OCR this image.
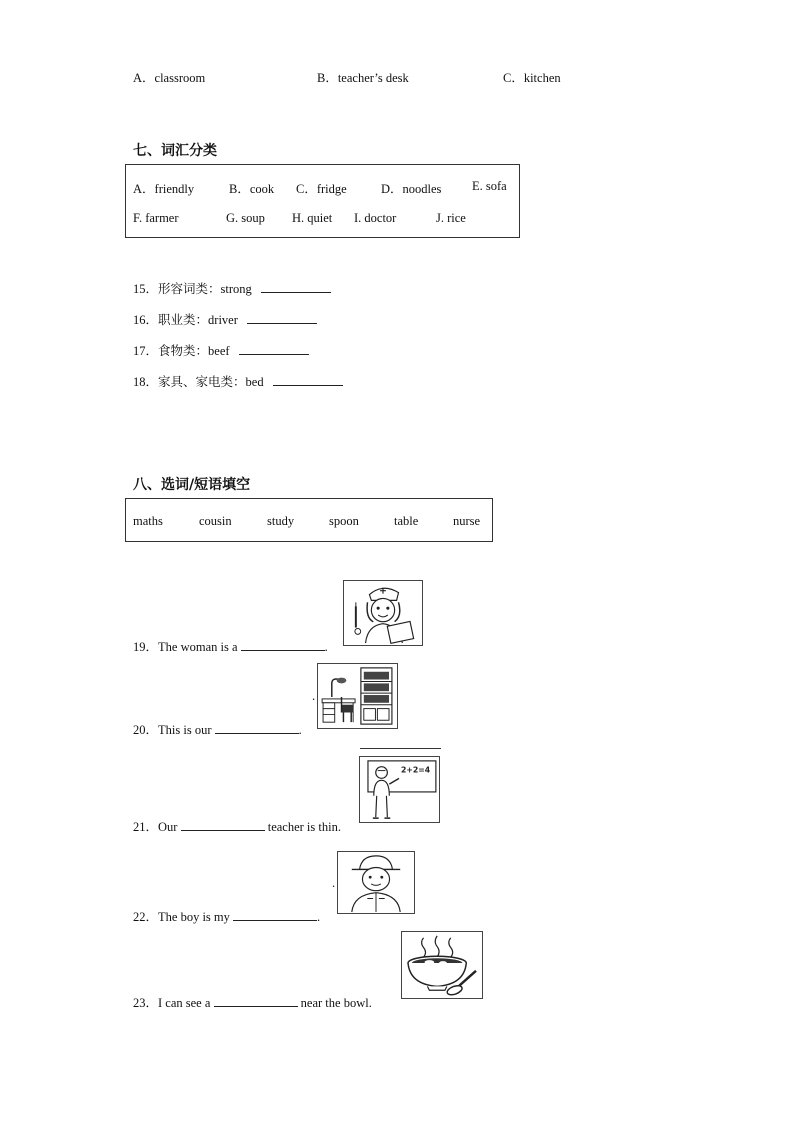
A．classroom	B．teacher’s desk	C．kitchen
七、词汇分类
A．friendly	B．cook C．fridge	D．noodles E. sofa
F. farmer	G. soup H. quiet I. doctor	J. rice
15．形容词类：strong
16．职业类：driver
17．食物类：beef
18．家具、家电类：bed
八、选词/短语填空
maths	cousin	study	spoon	table	nurse
19．The woman is a	.
.
20．This is our	.
2+2=4
21．Our	teacher is thin.
.
22．The boy is my	.
23．I can see a	near the bowl.
